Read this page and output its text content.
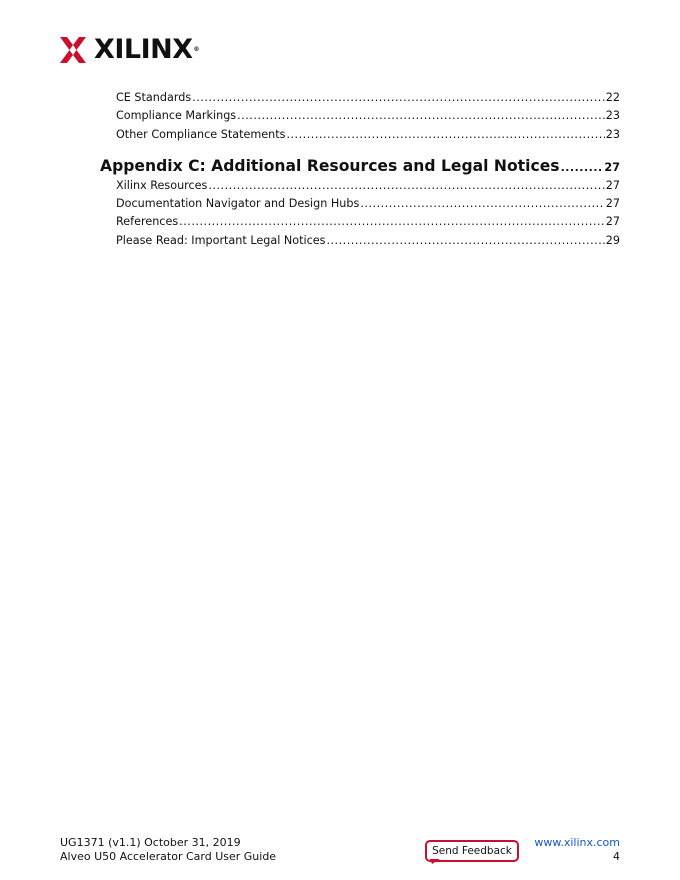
XILINX®
CE Standards .....	22
Compliance Markings .....	23
Other Compliance Statements .....	23
Appendix C: Additional Resources and Legal Notices .....	27
Xilinx Resources .....	27
Documentation Navigator and Design Hubs .....	27
References .....	27
Please Read: Important Legal Notices .....	29
UG1371 (v1.1) October 31, 2019
Alveo U50 Accelerator Card User Guide	Send Feedback
www.xilinx.com
4
